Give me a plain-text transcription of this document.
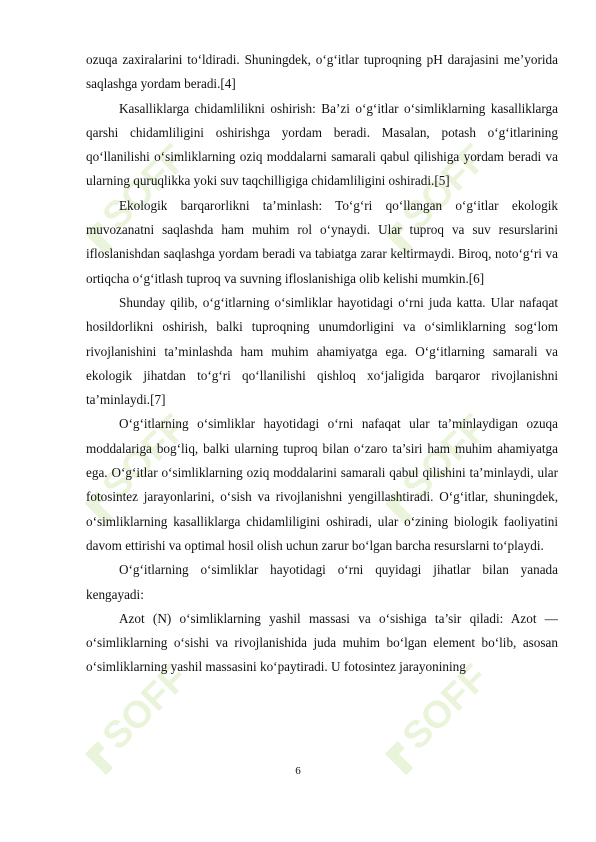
SOFF	SOFF
SOFF	SOFF
SOFF	SOFF

ozuqa zaxiralarini to‘ldiradi. Shuningdek, o‘g‘itlar tuproqning pH darajasini me’yorida saqlashga yordam beradi.[4]

Kasalliklarga chidamlilikni oshirish: Ba’zi o‘g‘itlar o‘simliklarning kasalliklarga qarshi chidamliligini oshirishga yordam beradi. Masalan, potash o‘g‘itlarining qo‘llanilishi o‘simliklarning oziq moddalarni samarali qabul qilishiga yordam beradi va ularning quruqlikka yoki suv taqchilligiga chidamliligini oshiradi.[5]

Ekologik barqarorlikni ta’minlash: To‘g‘ri qo‘llangan o‘g‘itlar ekologik muvozanatni saqlashda ham muhim rol o‘ynaydi. Ular tuproq va suv resurslarini ifloslanishdan saqlashga yordam beradi va tabiatga zarar keltirmaydi. Biroq, noto‘g‘ri va ortiqcha o‘g‘itlash tuproq va suvning ifloslanishiga olib kelishi mumkin.[6]

Shunday qilib, o‘g‘itlarning o‘simliklar hayotidagi o‘rni juda katta. Ular nafaqat hosildorlikni oshirish, balki tuproqning unumdorligini va o‘simliklarning sog‘lom rivojlanishini ta’minlashda ham muhim ahamiyatga ega. O‘g‘itlarning samarali va ekologik jihatdan to‘g‘ri qo‘llanilishi qishloq xo‘jaligida barqaror rivojlanishni ta’minlaydi.[7]

O‘g‘itlarning o‘simliklar hayotidagi o‘rni nafaqat ular ta’minlaydigan ozuqa moddalariga bog‘liq, balki ularning tuproq bilan o‘zaro ta’siri ham muhim ahamiyatga ega. O‘g‘itlar o‘simliklarning oziq moddalarini samarali qabul qilishini ta’minlaydi, ular fotosintez jarayonlarini, o‘sish va rivojlanishni yengillashtiradi. O‘g‘itlar, shuningdek, o‘simliklarning kasalliklarga chidamliligini oshiradi, ular o‘zining biologik faoliyatini davom ettirishi va optimal hosil olish uchun zarur bo‘lgan barcha resurslarni to‘playdi.

O‘g‘itlarning o‘simliklar hayotidagi o‘rni quyidagi jihatlar bilan yanada kengayadi:

Azot (N) o‘simliklarning yashil massasi va o‘sishiga ta’sir qiladi: Azot — o‘simliklarning o‘sishi va rivojlanishida juda muhim bo‘lgan element bo‘lib, asosan o‘simliklarning yashil massasini ko‘paytiradi. U fotosintez jarayonining

6
